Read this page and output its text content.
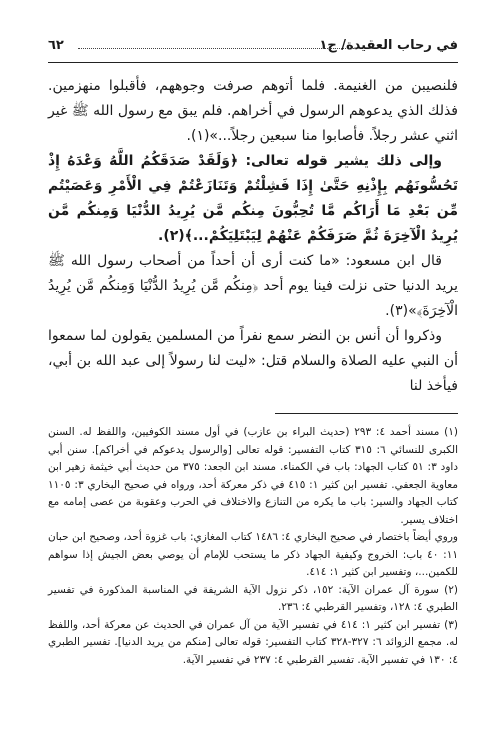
في رحاب العقيدة/ ج١
٦٢

فلنصيبن من الغنيمة. فلما أتوهم صرفت وجوههم، فأقبلوا منهزمين. فذلك الذي يدعوهم الرسول في أخراهم. فلم يبق مع رسول الله ﷺ غير اثني عشر رجلاً. فأصابوا منا سبعين رجلاً...»(١).

وإلى ذلك يشير قوله تعالى: ﴿وَلَقَدْ صَدَقَكُمُ اللَّهُ وَعْدَهُ إِذْ تَحُسُّونَهُم بِإِذْنِهِ حَتَّىٰ إِذَا فَشِلْتُمْ وَتَنَازَعْتُمْ فِي الْأَمْرِ وَعَصَيْتُم مِّن بَعْدِ مَا أَرَاكُم مَّا تُحِبُّونَ مِنكُم مَّن يُرِيدُ الدُّنْيَا وَمِنكُم مَّن يُرِيدُ الْآخِرَةَ ثُمَّ صَرَفَكُمْ عَنْهُمْ لِيَبْتَلِيَكُمْ...﴾(٢).

قال ابن مسعود: «ما كنت أرى أن أحداً من أصحاب رسول الله ﷺ يريد الدنيا حتى نزلت فينا يوم أحد ﴿مِنكُم مَّن يُرِيدُ الدُّنْيَا وَمِنكُم مَّن يُرِيدُ الْآخِرَةَ﴾»(٣).

وذكروا أن أنس بن النضر سمع نفراً من المسلمين يقولون لما سمعوا أن النبي عليه الصلاة والسلام قتل: «ليت لنا رسولاً إلى عبد الله بن أبي، فيأخذ لنا

(١) مسند أحمد ٤: ٢٩٣ (حديث البراء بن عازب) في أول مسند الكوفيين، واللفظ له. السنن الكبرى للنسائي ٦: ٣١٥ كتاب التفسير: قوله تعالى [والرسول يدعوكم في أخراكم]. سنن أبي داود ٣: ٥١ كتاب الجهاد: باب في الكمناء. مسند ابن الجعد: ٣٧٥ من حديث أبي خيثمة زهير ابن معاوية الجعفي. تفسير ابن كثير ١: ٤١٥ في ذكر معركة أحد، ورواه في صحيح البخاري ٣: ١١٠٥ كتاب الجهاد والسير: باب ما يكره من التنازع والاختلاف في الحرب وعقوبة من عصى إمامه مع اختلاف يسير.

وروي أيضاً باختصار في صحيح البخاري ٤: ١٤٨٦ كتاب المغازي: باب غزوة أحد، وصحيح ابن حبان ١١: ٤٠ باب: الخروج وكيفية الجهاد ذكر ما يستحب للإمام أن يوصي بعض الجيش إذا سواهم للكمين...، وتفسير ابن كثير ١: ٤١٤.

(٢) سورة آل عمران الآية: ١٥٢، ذكر نزول الآية الشريفة في المناسبة المذكورة في تفسير الطبري ٤: ١٢٨، وتفسير القرطبي ٤: ٢٣٦.

(٣) تفسير ابن كثير ١: ٤١٤ في تفسير الآية من آل عمران في الحديث عن معركة أحد، واللفظ له. مجمع الزوائد ٦: ٣٢٧-٣٢٨ كتاب التفسير: قوله تعالى [منكم من يريد الدنيا]. تفسير الطبري ٤: ١٣٠ في تفسير الآية. تفسير القرطبي ٤: ٢٣٧ في تفسير الآية.
